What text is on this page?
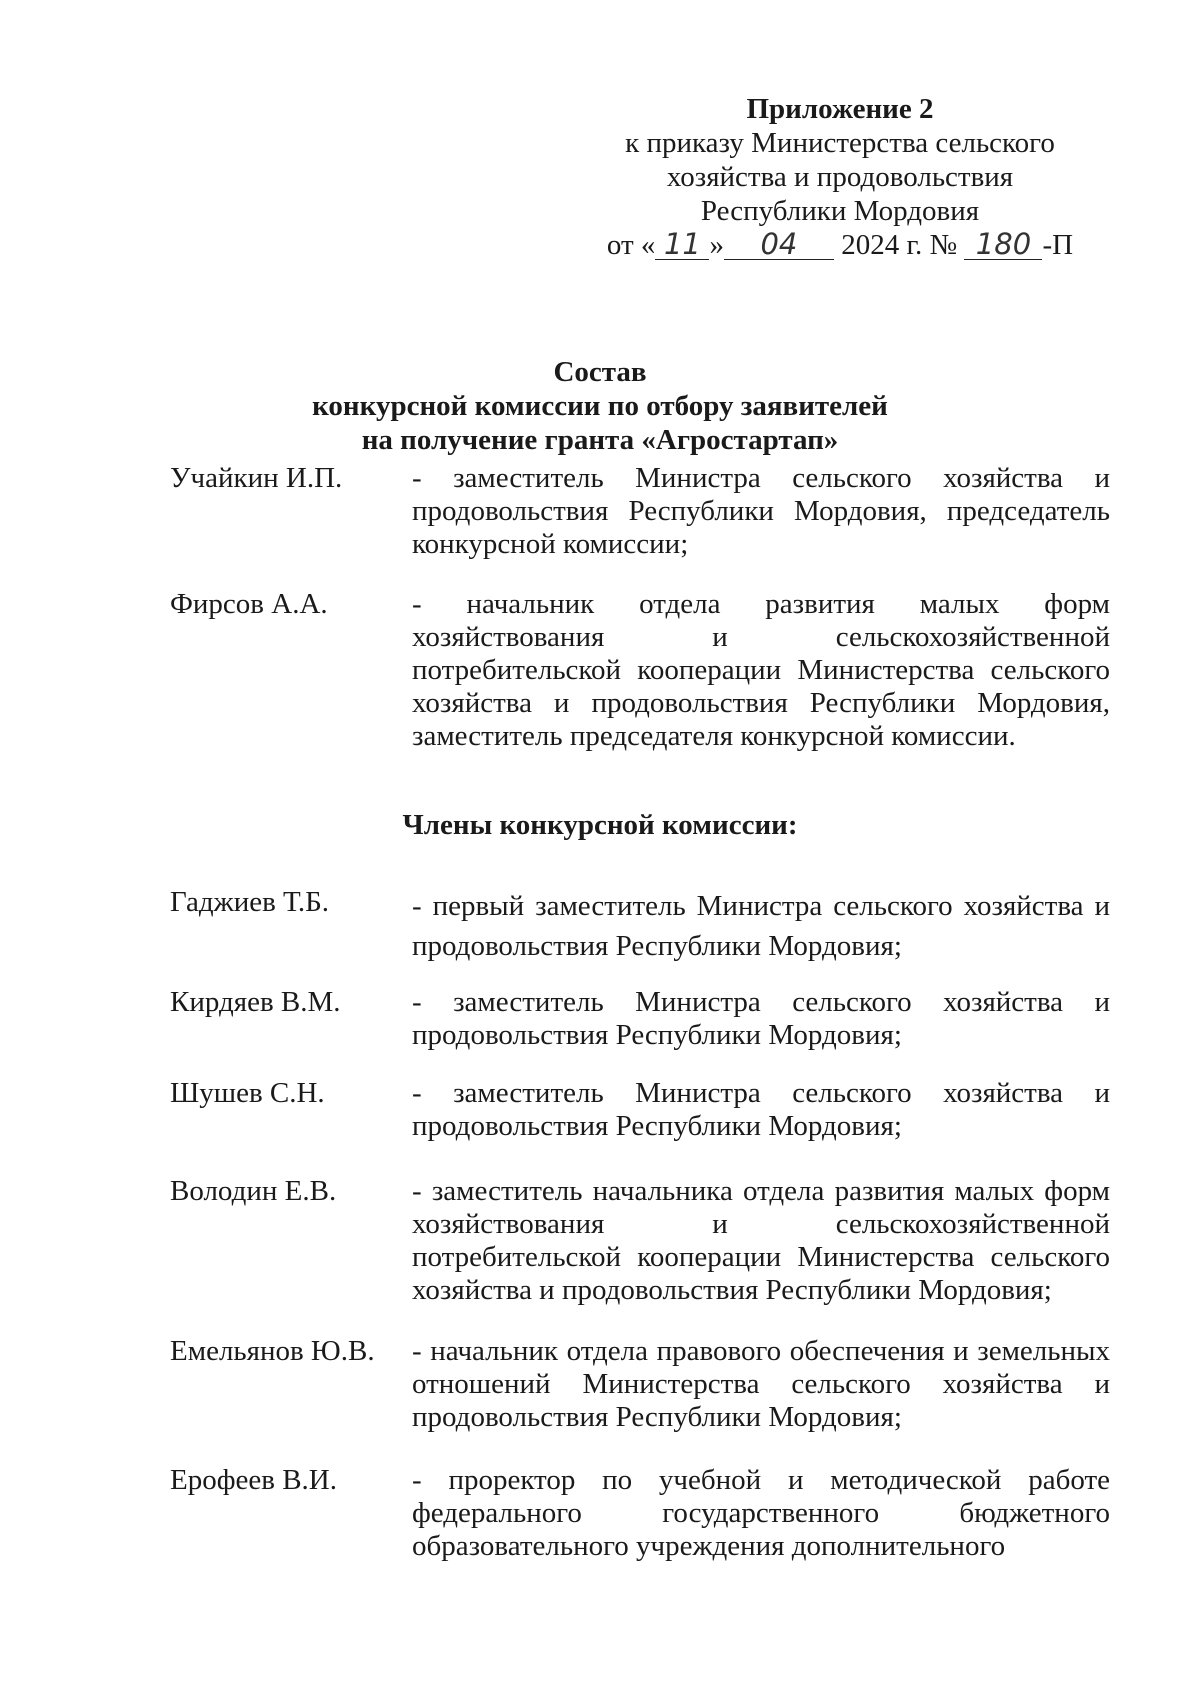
Приложение 2
к приказу Министерства сельского
хозяйства и продовольствия
Республики Мордовия
от « 11 » 04 2024 г. № 180 -П
Состав
конкурсной комиссии по отбору заявителей
на получение гранта «Агростартап»
Учайкин И.П. - заместитель Министра сельского хозяйства и продовольствия Республики Мордовия, председатель конкурсной комиссии;
Фирсов А.А.	- начальник отдела развития малых форм хозяйствования и сельскохозяйственной потребительской кооперации Министерства сельского хозяйства и продовольствия Республики Мордовия, заместитель председателя конкурсной комиссии.
Члены конкурсной комиссии:
Гаджиев Т.Б.	- первый заместитель Министра сельского хозяйства и продовольствия Республики Мордовия;
Кирдяев В.М. - заместитель Министра сельского хозяйства и продовольствия Республики Мордовия;
Шушев С.Н.	- заместитель Министра сельского хозяйства и продовольствия Республики Мордовия;
Володин Е.В.	- заместитель начальника отдела развития малых форм хозяйствования и сельскохозяйственной потребительской кооперации Министерства сельского хозяйства и продовольствия Республики Мордовия;
Емельянов Ю.В. - начальник отдела правового обеспечения и земельных отношений Министерства сельского хозяйства и продовольствия Республики Мордовия;
Ерофеев В.И.	- проректор по учебной и методической работе федерального государственного бюджетного образовательного учреждения дополнительного
